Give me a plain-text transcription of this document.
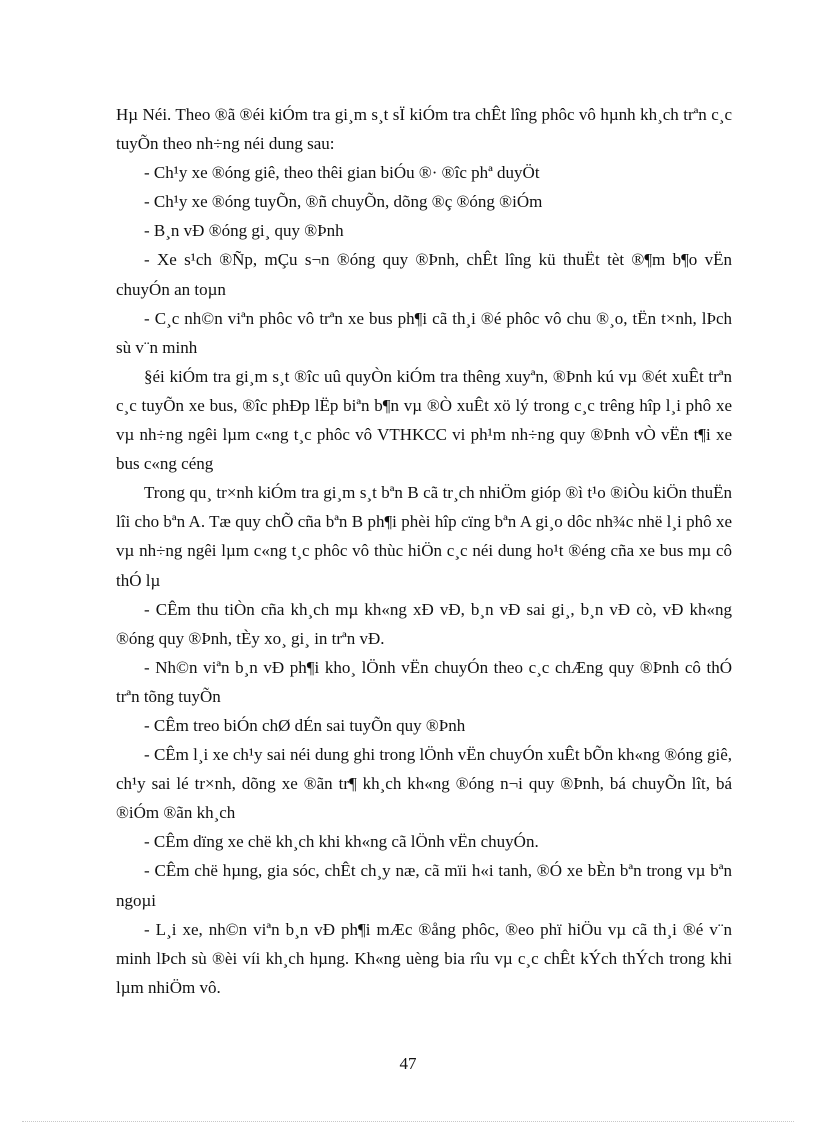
Hµ Néi. Theo ®ã ®éi kiÓm tra gi¸m s¸t sÏ kiÓm tra chÊt lîng phôc vô hµnh kh¸ch trªn c¸c tuyÕn theo nh÷ng néi dung sau:

- Ch¹y xe ®óng giê, theo thêi gian biÓu ®· ®îc phª duyÖt

- Ch¹y xe ®óng tuyÕn, ®ñ chuyÕn, dõng ®ç ®óng ®iÓm

- B¸n vÐ ®óng gi¸ quy ®Þnh

- Xe s¹ch ®Ñp, mÇu s¬n ®óng quy ®Þnh, chÊt lîng kü thuËt tèt ®¶m b¶o vËn chuyÓn an toµn

- C¸c nh©n viªn phôc vô trªn xe bus ph¶i cã th¸i ®é phôc vô chu ®¸o, tËn t×nh, lÞch sù v¨n minh

§éi kiÓm tra gi¸m s¸t ®îc uû quyÒn kiÓm tra thêng xuyªn, ®Þnh kú vµ ®ét xuÊt trªn c¸c tuyÕn xe bus, ®îc phÐp lËp biªn b¶n vµ ®Ò xuÊt xö lý trong c¸c trêng hîp l¸i phô xe vµ nh÷ng ngêi lµm c«ng t¸c phôc vô VTHKCC vi ph¹m nh÷ng quy ®Þnh vÒ vËn t¶i xe bus c«ng céng

Trong qu¸ tr×nh kiÓm tra gi¸m s¸t bªn B cã tr¸ch nhiÖm gióp ®ì t¹o ®iÒu kiÖn thuËn lîi cho bªn A. Tæ quy chÕ cña bªn B ph¶i phèi hîp cïng bªn A gi¸o dôc nh¾c nhë l¸i phô xe vµ nh÷ng ngêi lµm c«ng t¸c phôc vô thùc hiÖn c¸c néi dung ho¹t ®éng cña xe bus mµ cô thÓ lµ

- CÊm thu tiÒn cña kh¸ch mµ kh«ng xÐ vÐ, b¸n vÐ sai gi¸, b¸n vÐ cò, vÐ kh«ng ®óng quy ®Þnh, tÈy xo¸ gi¸ in trªn vÐ.

- Nh©n viªn b¸n vÐ ph¶i kho¸ lÖnh vËn chuyÓn theo c¸c chÆng quy ®Þnh cô thÓ trªn tõng tuyÕn

- CÊm treo biÓn chØ dÉn sai tuyÕn quy ®Þnh

- CÊm l¸i xe ch¹y sai néi dung ghi trong lÖnh vËn chuyÓn xuÊt bÕn kh«ng ®óng giê, ch¹y sai lé tr×nh, dõng xe ®ãn tr¶ kh¸ch kh«ng ®óng n¬i quy ®Þnh, bá chuyÕn lît, bá ®iÓm ®ãn kh¸ch

- CÊm dïng xe chë kh¸ch khi kh«ng cã lÖnh vËn chuyÓn.

- CÊm chë hµng, gia sóc, chÊt ch¸y næ, cã mïi h«i tanh, ®Ó xe bÈn bªn trong vµ bªn ngoµi

- L¸i xe, nh©n viªn b¸n vÐ ph¶i mÆc ®ång phôc, ®eo phï hiÖu vµ cã th¸i ®é v¨n minh lÞch sù ®èi víi kh¸ch hµng. Kh«ng uèng bia rîu vµ c¸c chÊt kÝch thÝch trong khi lµm nhiÖm vô.

47
